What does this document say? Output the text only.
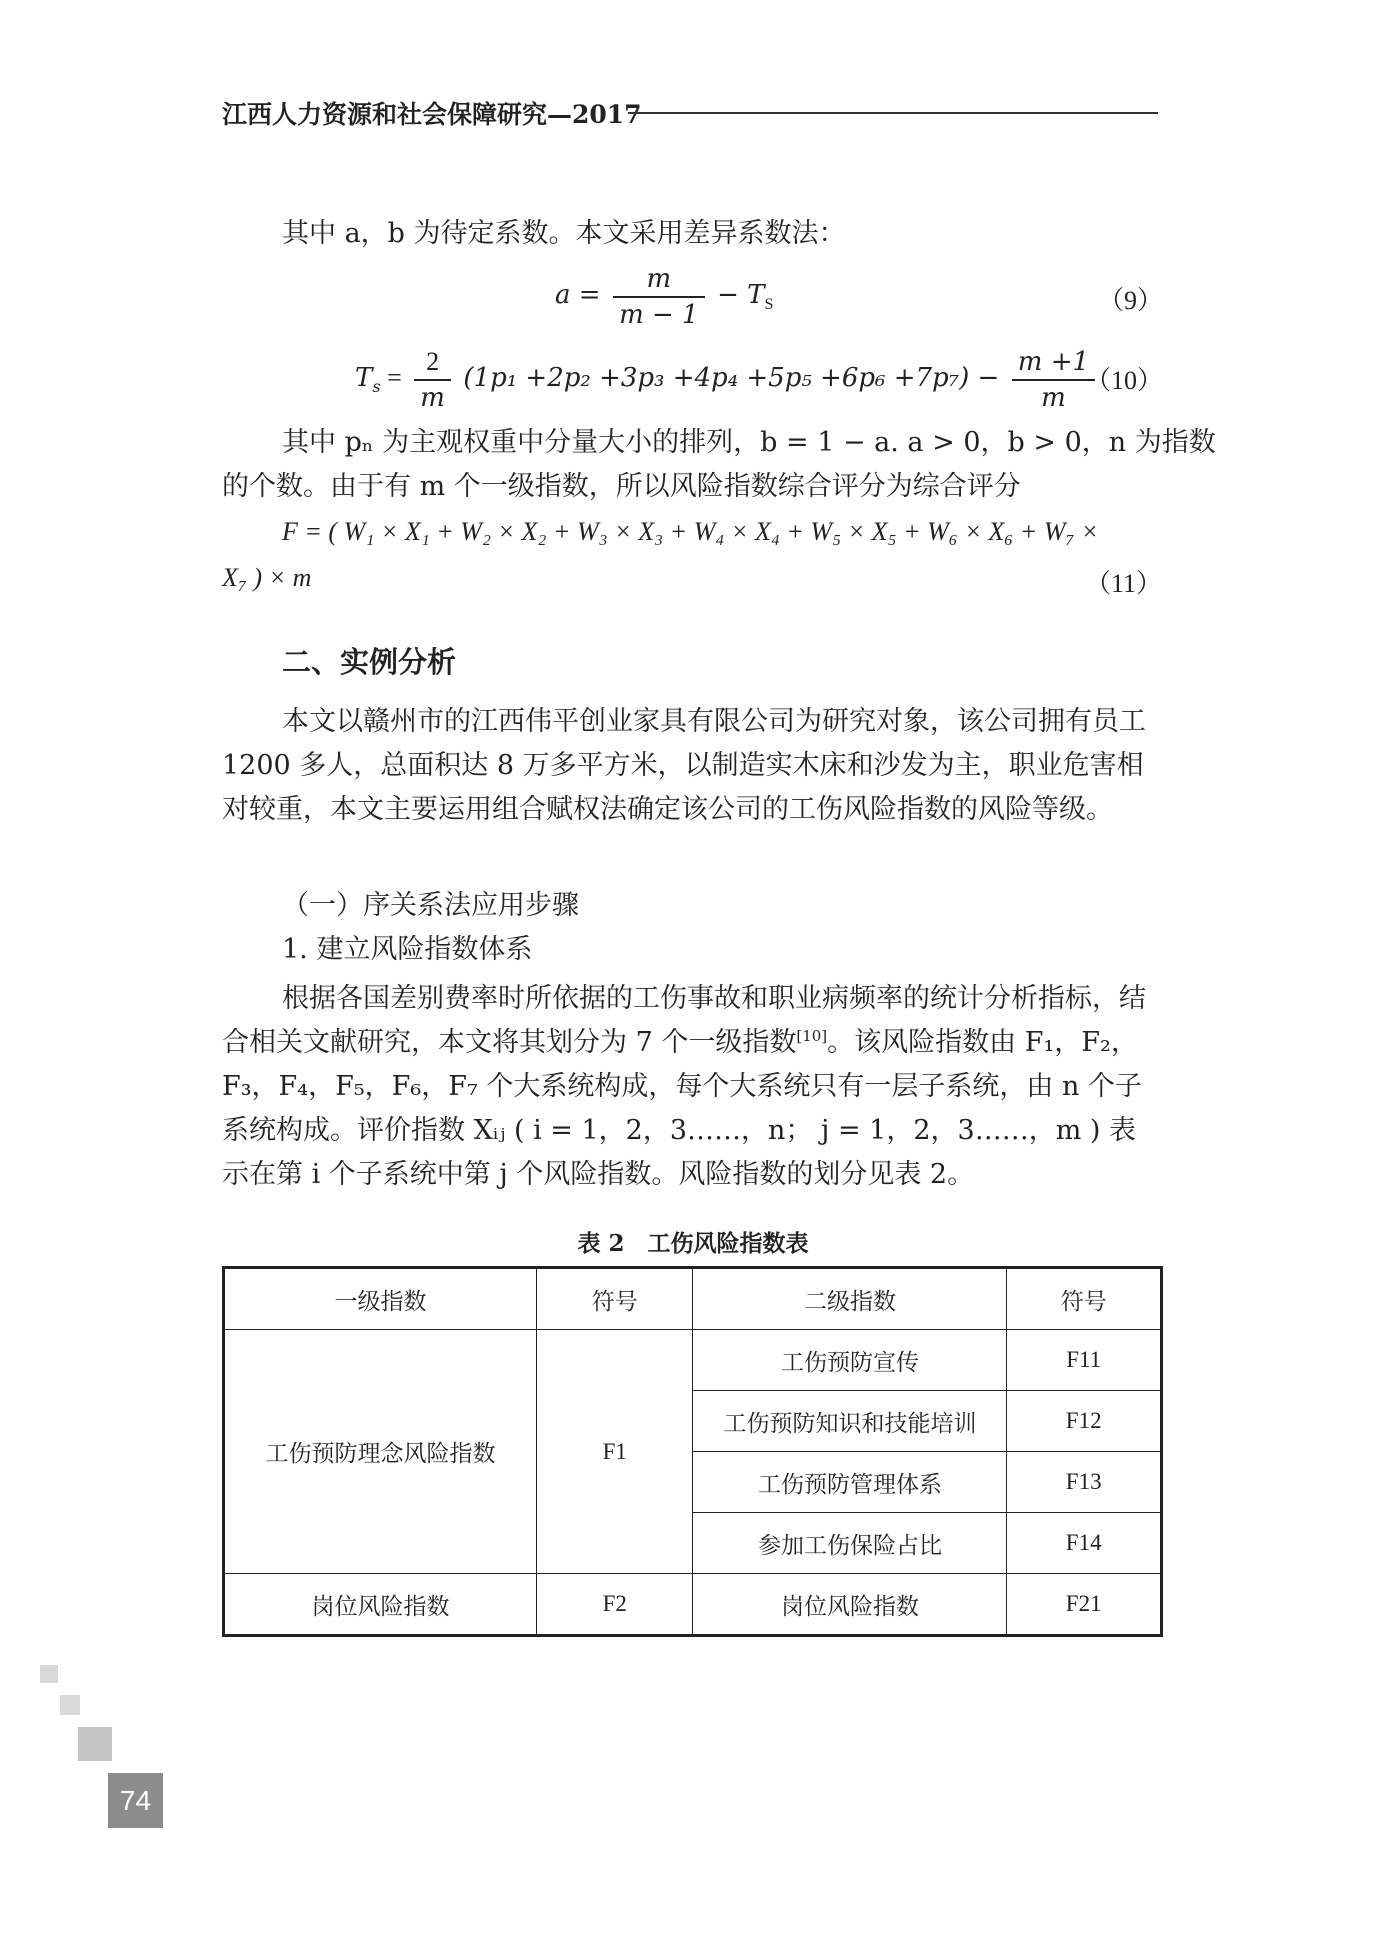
江西人力资源和社会保障研究—2017
其中 a，b 为待定系数。本文采用差异系数法：
$a = \frac{m}{m - 1} - T_S$	（9）
$T_s = \frac{2}{m} (1p_1 +2p_2 +3p_3 +4p_4 +5p_5 +6p_6 +7p_7) - \frac{m +1}{m}$
（10）
其中 pₙ 为主观权重中分量大小的排列，b = 1 − a. a > 0，b > 0，n 为指数
的个数。由于有 m 个一级指数，所以风险指数综合评分为综合评分
F = ( W₁ × X₁ + W₂ × X₂ + W₃ × X₃ + W₄ × X₄ + W₅ × X₅ + W₆ × X₆ + W₇ ×
X₇ ) × m	（11）
二、实例分析
本文以赣州市的江西伟平创业家具有限公司为研究对象，该公司拥有员工 1200 多人，总面积达 8 万多平方米，以制造实木床和沙发为主，职业危害相对较重，本文主要运用组合赋权法确定该公司的工伤风险指数的风险等级。
（一）序关系法应用步骤
1. 建立风险指数体系
根据各国差别费率时所依据的工伤事故和职业病频率的统计分析指标，结合相关文献研究，本文将其划分为 7 个一级指数[10]。该风险指数由 F₁，F₂，F₃，F₄，F₅，F₆，F₇ 个大系统构成，每个大系统只有一层子系统，由 n 个子系统构成。评价指数 Xᵢⱼ ( i = 1，2，3……，n； j = 1，2，3……，m ) 表示在第 i 个子系统中第 j 个风险指数。风险指数的划分见表 2。
表 2　工伤风险指数表
一级指数	符号	二级指数	符号
工伤预防理念风险指数	F1	工伤预防宣传	F11
		工伤预防知识和技能培训	F12
		工伤预防管理体系	F13
		参加工伤保险占比	F14
岗位风险指数	F2	岗位风险指数	F21
74
